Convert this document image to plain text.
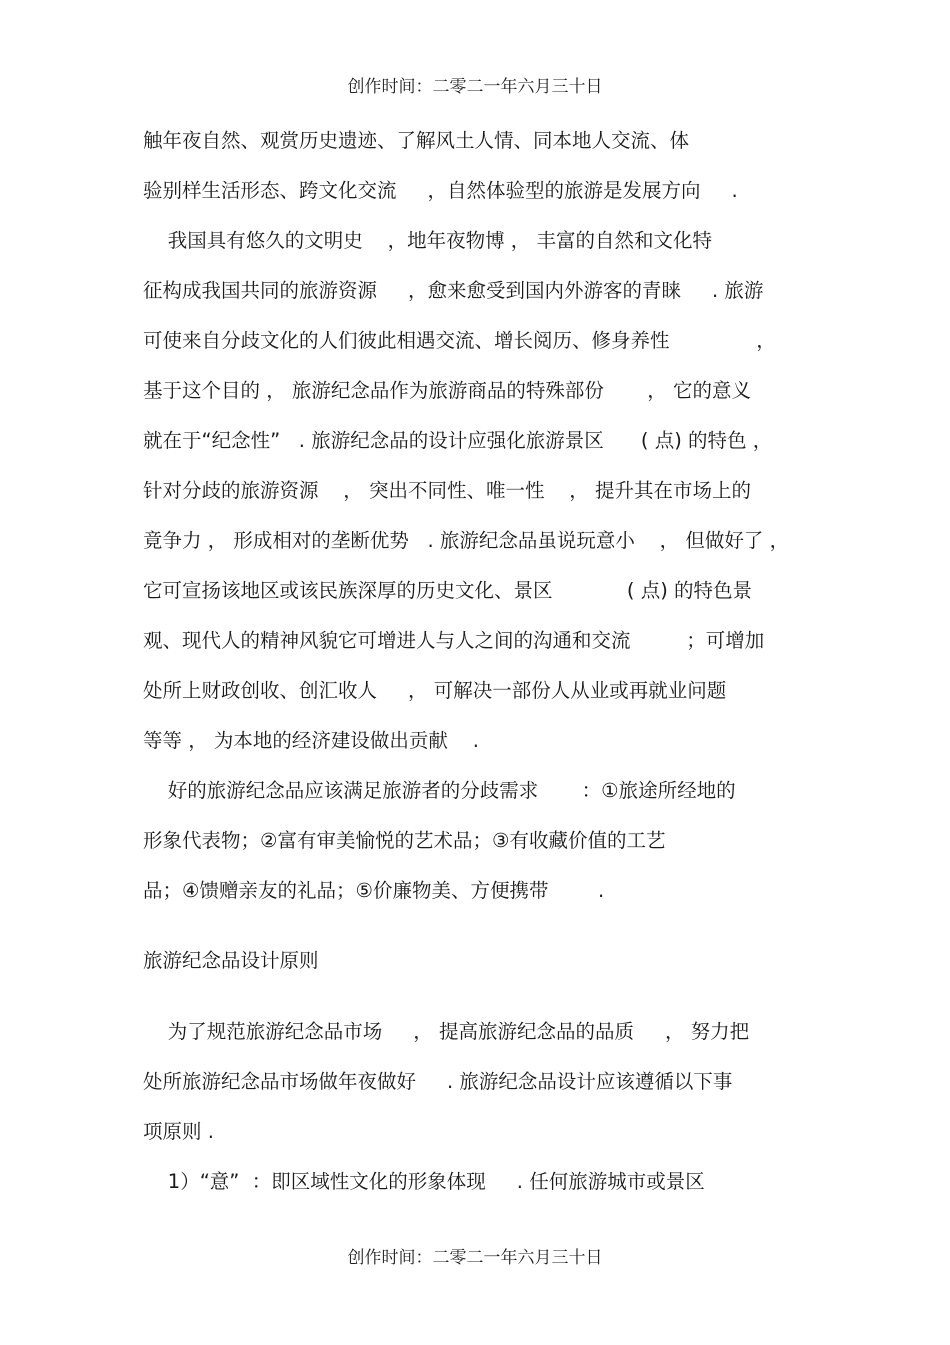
创作时间：二零二一年六月三十日
触年夜自然、观赏历史遗迹、了解风土人情、同本地人交流、体
验别样生活形态、跨文化交流     ，自然体验型的旅游是发展方向     .
我国具有悠久的文明史    ，地年夜物博 ， 丰富的自然和文化特
征构成我国共同的旅游资源     ，愈来愈受到国内外游客的青睐     . 旅游
可使来自分歧文化的人们彼此相遇交流、增长阅历、修身养性              ，
基于这个目的 ， 旅游纪念品作为旅游商品的特殊部份       ， 它的意义
就在于“纪念性”   . 旅游纪念品的设计应强化旅游景区      ( 点) 的特色 ，
针对分歧的旅游资源    ， 突出不同性、唯一性    ， 提升其在市场上的
竟争力 ， 形成相对的垄断优势   . 旅游纪念品虽说玩意小    ， 但做好了 ，
它可宣扬该地区或该民族深厚的历史文化、景区            ( 点) 的特色景
观、现代人的精神风貌它可增进人与人之间的沟通和交流         ；可增加
处所上财政创收、创汇收人     ， 可解决一部份人从业或再就业问题
等等 ， 为本地的经济建设做出贡献    .
好的旅游纪念品应该满足旅游者的分歧需求       ：①旅途所经地的
形象代表物；②富有审美愉悦的艺术品；③有收藏价值的工艺
品；④馈赠亲友的礼品；⑤价廉物美、方便携带        .
旅游纪念品设计原则
为了规范旅游纪念品市场     ， 提高旅游纪念品的品质     ， 努力把
处所旅游纪念品市场做年夜做好     . 旅游纪念品设计应该遵循以下事
项原则 .
1）“意”  ：即区域性文化的形象体现     . 任何旅游城市或景区
创作时间：二零二一年六月三十日
